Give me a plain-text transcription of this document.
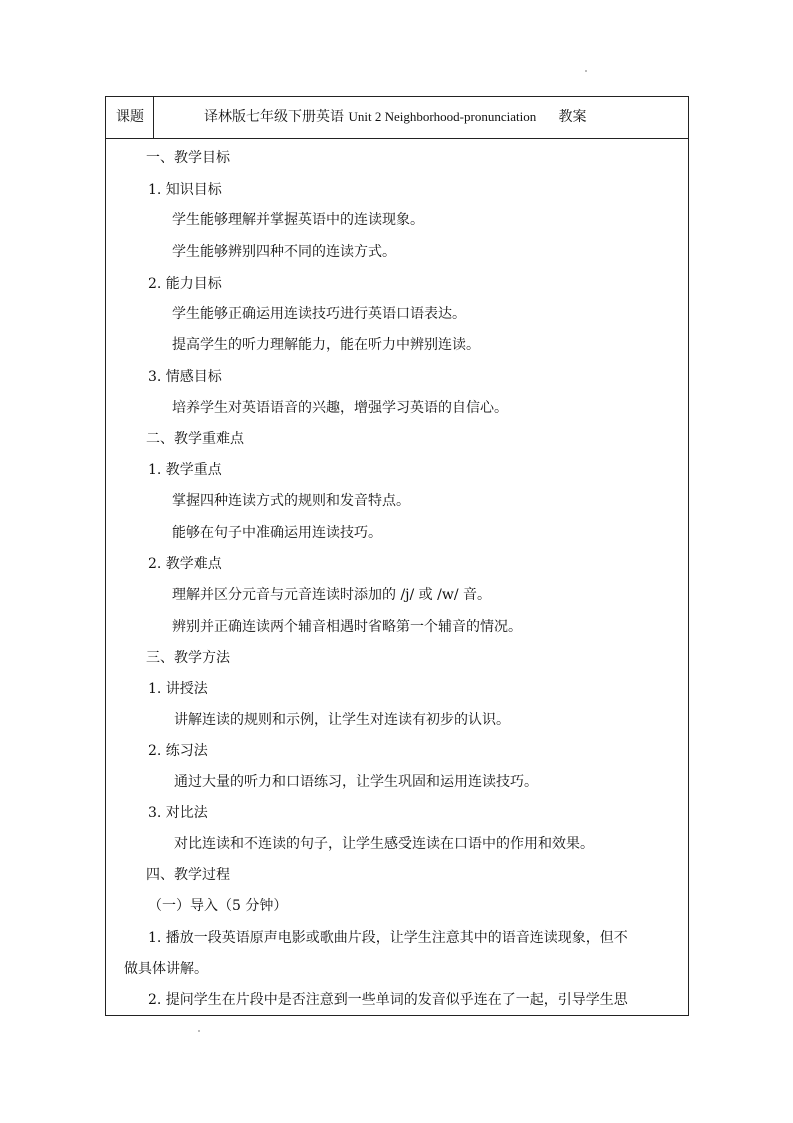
课题	译林版七年级下册英语 Unit 2 Neighborhood-pronunciation 教案
一、教学目标
1. 知识目标
学生能够理解并掌握英语中的连读现象。
学生能够辨别四种不同的连读方式。
2. 能力目标
学生能够正确运用连读技巧进行英语口语表达。
提高学生的听力理解能力，能在听力中辨别连读。
3. 情感目标
培养学生对英语语音的兴趣，增强学习英语的自信心。
二、教学重难点
1. 教学重点
掌握四种连读方式的规则和发音特点。
能够在句子中准确运用连读技巧。
2. 教学难点
理解并区分元音与元音连读时添加的 /j/ 或 /w/ 音。
辨别并正确连读两个辅音相遇时省略第一个辅音的情况。
三、教学方法
1. 讲授法
讲解连读的规则和示例，让学生对连读有初步的认识。
2. 练习法
通过大量的听力和口语练习，让学生巩固和运用连读技巧。
3. 对比法
对比连读和不连读的句子，让学生感受连读在口语中的作用和效果。
四、教学过程
（一）导入（5 分钟）
1. 播放一段英语原声电影或歌曲片段，让学生注意其中的语音连读现象，但不
做具体讲解。
2. 提问学生在片段中是否注意到一些单词的发音似乎连在了一起，引导学生思
